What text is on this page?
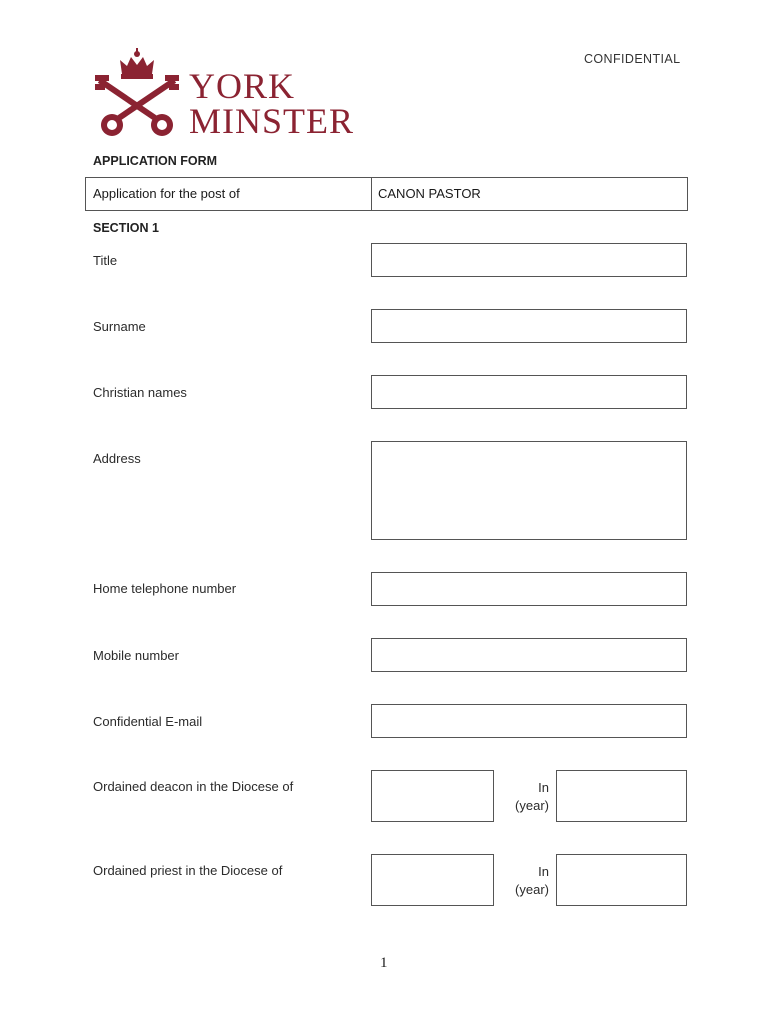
CONFIDENTIAL
YORK
MINSTER
APPLICATION FORM
Application for the post of	CANON PASTOR
SECTION 1
Title
Surname
Christian names
Address
Home telephone number
Mobile number
Confidential E-mail
Ordained deacon in the Diocese of	In
(year)
Ordained priest in the Diocese of	In
(year)
1
